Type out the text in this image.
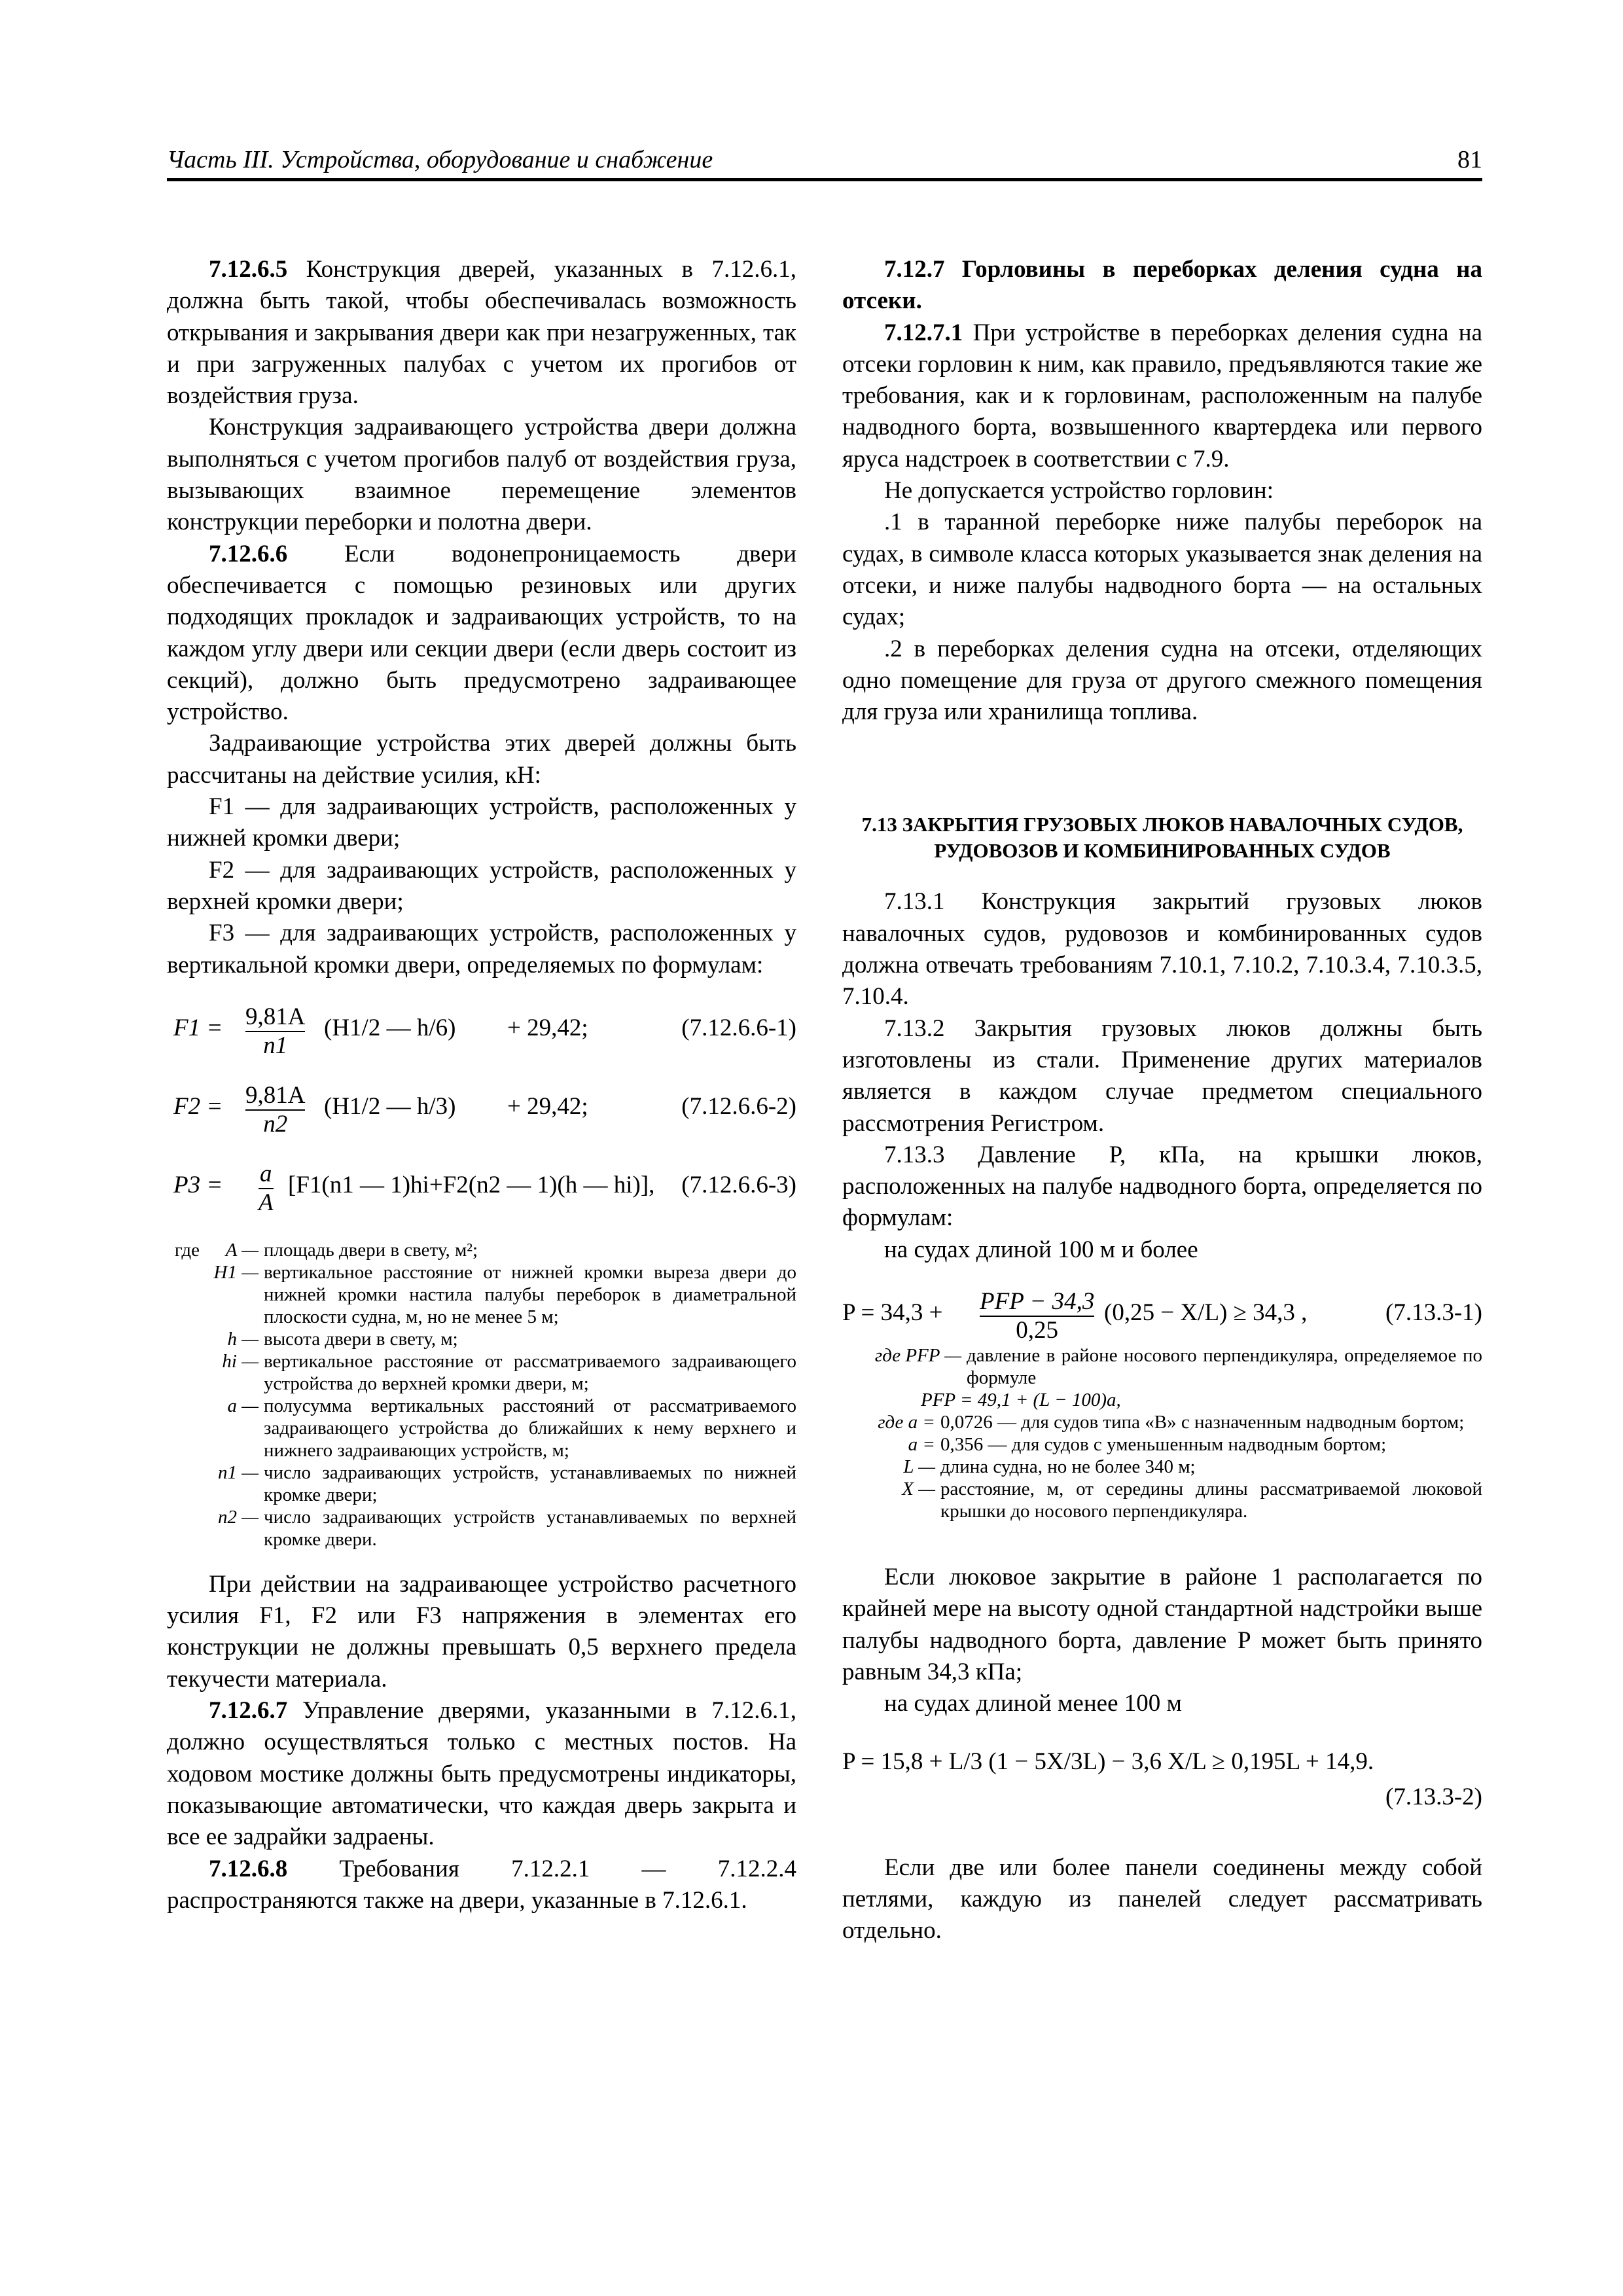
Часть III. Устройства, оборудование и снабжение	81

7.12.6.5 Конструкция дверей, указанных в 7.12.6.1, должна быть такой, чтобы обеспечивалась возможность открывания и закрывания двери как при незагруженных, так и при загруженных палубах с учетом их прогибов от воздействия груза.

Конструкция задраивающего устройства двери должна выполняться с учетом прогибов палуб от воздействия груза, вызывающих взаимное перемещение элементов конструкции переборки и полотна двери.

7.12.6.6 Если водонепроницаемость двери обеспечивается с помощью резиновых или других подходящих прокладок и задраивающих устройств, то на каждом углу двери или секции двери (если дверь состоит из секций), должно быть предусмотрено задраивающее устройство.

Задраивающие устройства этих дверей должны быть рассчитаны на действие усилия, кН:

F1 — для задраивающих устройств, расположенных у нижней кромки двери;

F2 — для задраивающих устройств, расположенных у верхней кромки двери;

F3 — для задраивающих устройств, расположенных у вертикальной кромки двери, определяемых по формулам:

$F1 = \frac{9,81A}{n1} (H1/2$ — h/6) + 29,42;	(7.12.6.6-1)
$F2 = \frac{9,81A}{n2} (H1/2$ — h/3) + 29,42;	(7.12.6.6-2)
$P3 = \frac{a}{A} [F1(n1$ — 1)hi+F2(n2 — 1)(h — hi)], (7.12.6.6-3)
где	A — площадь двери в свету, м²;
H1 — вертикальное расстояние от нижней кромки выреза двери до нижней кромки настила палубы переборок в диаметральной плоскости судна, м, но не менее 5 м;
h — высота двери в свету, м;
hi — вертикальное расстояние от рассматриваемого задраивающего устройства до верхней кромки двери, м;
a — полусумма вертикальных расстояний от рассматриваемого задраивающего устройства до ближайших к нему верхнего и нижнего задраивающих устройств, м;
n1 — число задраивающих устройств, устанавливаемых по нижней кромке двери;
n2 — число задраивающих устройств устанавливаемых по верхней кромке двери.

При действии на задраивающее устройство расчетного усилия F1, F2 или F3 напряжения в элементах его конструкции не должны превышать 0,5 верхнего предела текучести материала.

7.12.6.7 Управление дверями, указанными в 7.12.6.1, должно осуществляться только с местных постов. На ходовом мостике должны быть предусмотрены индикаторы, показывающие автоматически, что каждая дверь закрыта и все ее задрайки задраены.

7.12.6.8 Требования 7.12.2.1 — 7.12.2.4 распространяются также на двери, указанные в 7.12.6.1.

7.12.7 Горловины в переборках деления судна на отсеки.

7.12.7.1 При устройстве в переборках деления судна на отсеки горловин к ним, как правило, предъявляются такие же требования, как и к горловинам, расположенным на палубе надводного борта, возвышенного квартердека или первого яруса надстроек в соответствии с 7.9.

Не допускается устройство горловин:

.1 в таранной переборке ниже палубы переборок на судах, в символе класса которых указывается знак деления на отсеки, и ниже палубы надводного борта — на остальных судах;

.2 в переборках деления судна на отсеки, отделяющих одно помещение для груза от другого смежного помещения для груза или хранилища топлива.

7.13 ЗАКРЫТИЯ ГРУЗОВЫХ ЛЮКОВ НАВАЛОЧНЫХ СУДОВ, РУДОВОЗОВ И КОМБИНИРОВАННЫХ СУДОВ

7.13.1 Конструкция закрытий грузовых люков навалочных судов, рудовозов и комбинированных судов должна отвечать требованиям 7.10.1, 7.10.2, 7.10.3.4, 7.10.3.5, 7.10.4.

7.13.2 Закрытия грузовых люков должны быть изготовлены из стали. Применение других материалов является в каждом случае предметом специального рассмотрения Регистром.

7.13.3 Давление P, кПа, на крышки люков, расположенных на палубе надводного борта, определяется по формулам:

на судах длиной 100 м и более

P = 34,3 + PFP − 34,3
0,25
(0,25 − X/L) ≥ 34,3 ,	(7.13.3-1)
где PFP — давление в районе носового перпендикуляра, определяемое по формуле
PFP = 49,1 + (L − 100)a,
где a = 0,0726 — для судов типа «B» с назначенным надводным бортом;
a = 0,356 — для судов с уменьшенным надводным бортом;
L — длина судна, но не более 340 м;
X — расстояние, м, от середины длины рассматриваемой люковой крышки до носового перпендикуляра.

Если люковое закрытие в районе 1 располагается по крайней мере на высоту одной стандартной надстройки выше палубы надводного борта, давление P может быть принято равным 34,3 кПа;

на судах длиной менее 100 м

P = 15,8 + L/3 (1 − 5X/3L) − 3,6 X/L ≥ 0,195L + 14,9.
(7.13.3-2)

Если две или более панели соединены между собой петлями, каждую из панелей следует рассматривать отдельно.
